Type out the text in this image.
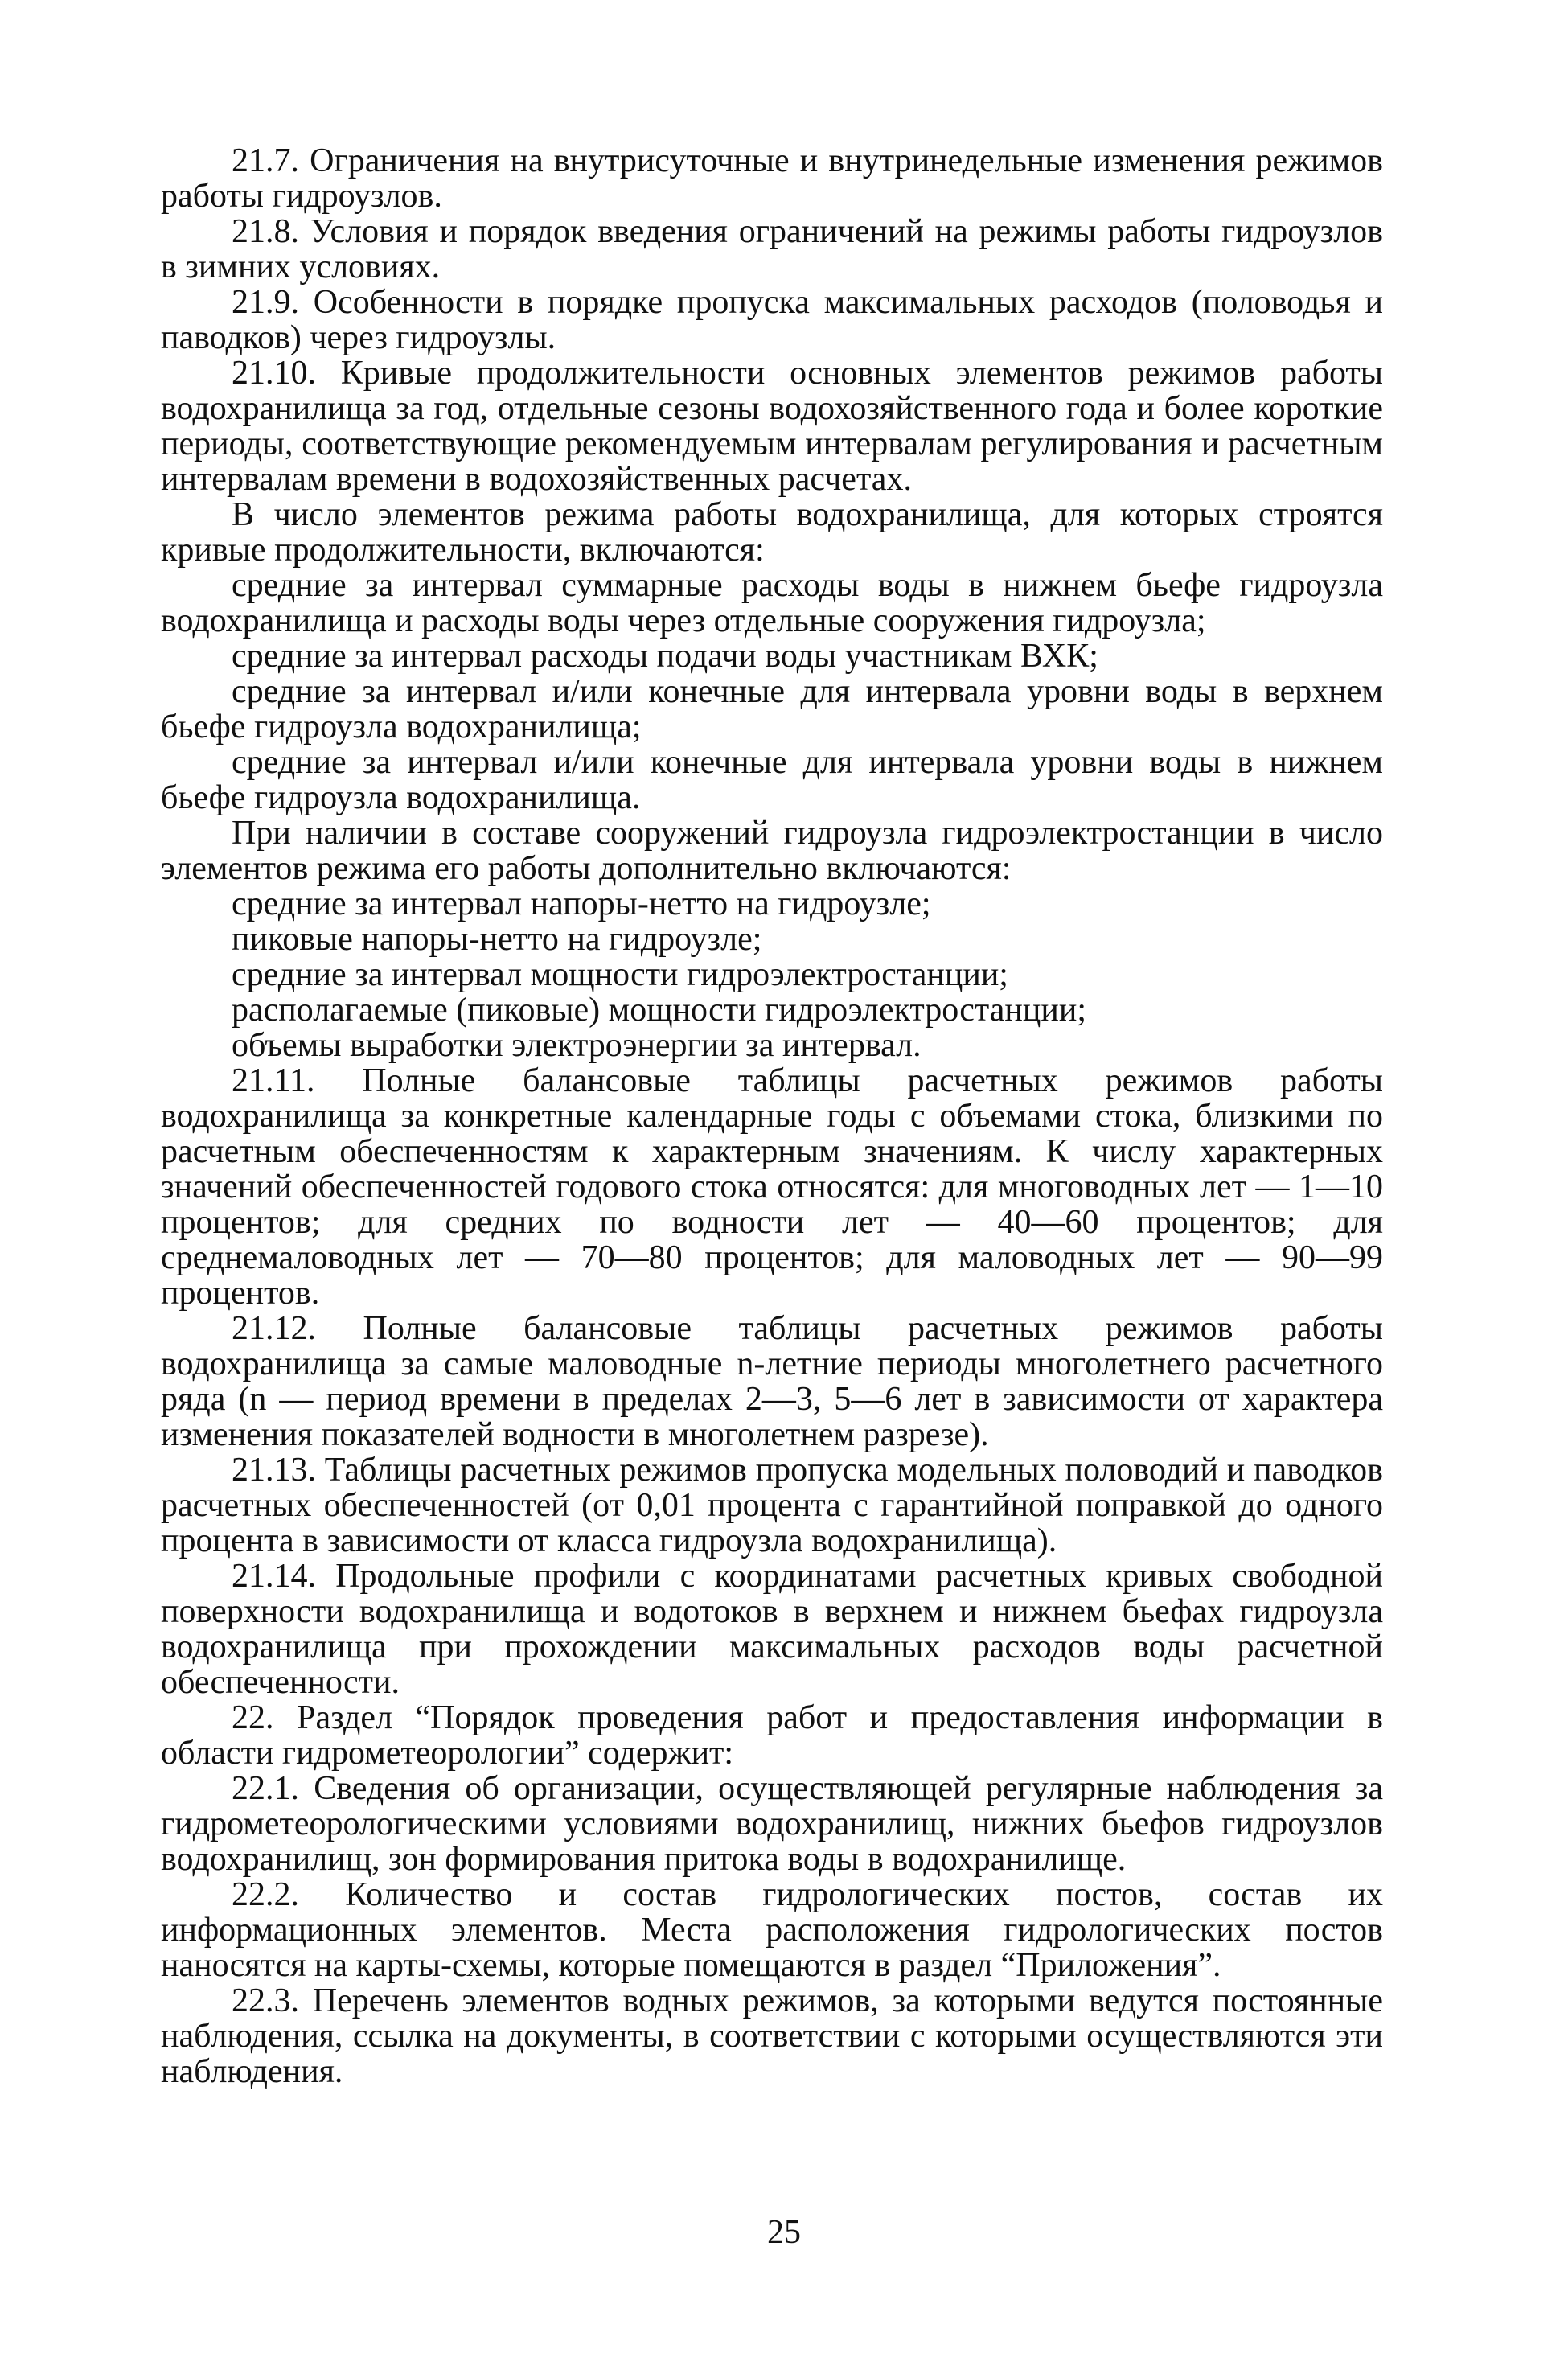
21.7. Ограничения на внутрисуточные и внутринедельные изменения режимов работы гидроузлов.

21.8. Условия и порядок введения ограничений на режимы работы гидроузлов в зимних условиях.

21.9. Особенности в порядке пропуска максимальных расходов (половодья и паводков) через гидроузлы.

21.10. Кривые продолжительности основных элементов режимов работы водохранилища за год, отдельные сезоны водохозяйственного года и более короткие периоды, соответствующие рекомендуемым интервалам регулирования и расчетным интервалам времени в водохозяйственных расчетах.

В число элементов режима работы водохранилища, для которых строятся кривые продолжительности, включаются:

средние за интервал суммарные расходы воды в нижнем бьефе гидроузла водохранилища и расходы воды через отдельные сооружения гидроузла;

средние за интервал расходы подачи воды участникам ВХК;

средние за интервал и/или конечные для интервала уровни воды в верхнем бьефе гидроузла водохранилища;

средние за интервал и/или конечные для интервала уровни воды в нижнем бьефе гидроузла водохранилища.

При наличии в составе сооружений гидроузла гидроэлектростанции в число элементов режима его работы дополнительно включаются:

средние за интервал напоры-нетто на гидроузле;

пиковые напоры-нетто на гидроузле;

средние за интервал мощности гидроэлектростанции;

располагаемые (пиковые) мощности гидроэлектростанции;

объемы выработки электроэнергии за интервал.

21.11. Полные балансовые таблицы расчетных режимов работы водохранилища за конкретные календарные годы с объемами стока, близкими по расчетным обеспеченностям к характерным значениям. К числу характерных значений обеспеченностей годового стока относятся: для многоводных лет — 1—10 процентов; для средних по водности лет — 40—60 процентов; для среднемаловодных лет — 70—80 процентов; для маловодных лет — 90—99 процентов.

21.12. Полные балансовые таблицы расчетных режимов работы водохранилища за самые маловодные n-летние периоды многолетнего расчетного ряда (n — период времени в пределах 2—3, 5—6 лет в зависимости от характера изменения показателей водности в многолетнем разрезе).

21.13. Таблицы расчетных режимов пропуска модельных половодий и паводков расчетных обеспеченностей (от 0,01 процента с гарантийной поправкой до одного процента в зависимости от класса гидроузла водохранилища).

21.14. Продольные профили с координатами расчетных кривых свободной поверхности водохранилища и водотоков в верхнем и нижнем бьефах гидроузла водохранилища при прохождении максимальных расходов воды расчетной обеспеченности.

22. Раздел “Порядок проведения работ и предоставления информации в области гидрометеорологии” содержит:

22.1. Сведения об организации, осуществляющей регулярные наблюдения за гидрометеорологическими условиями водохранилищ, нижних бьефов гидроузлов водохранилищ, зон формирования притока воды в водохранилище.

22.2. Количество и состав гидрологических постов, состав их информационных элементов. Места расположения гидрологических постов наносятся на карты-схемы, которые помещаются в раздел “Приложения”.

22.3. Перечень элементов водных режимов, за которыми ведутся постоянные наблюдения, ссылка на документы, в соответствии с которыми осуществляются эти наблюдения.

25
